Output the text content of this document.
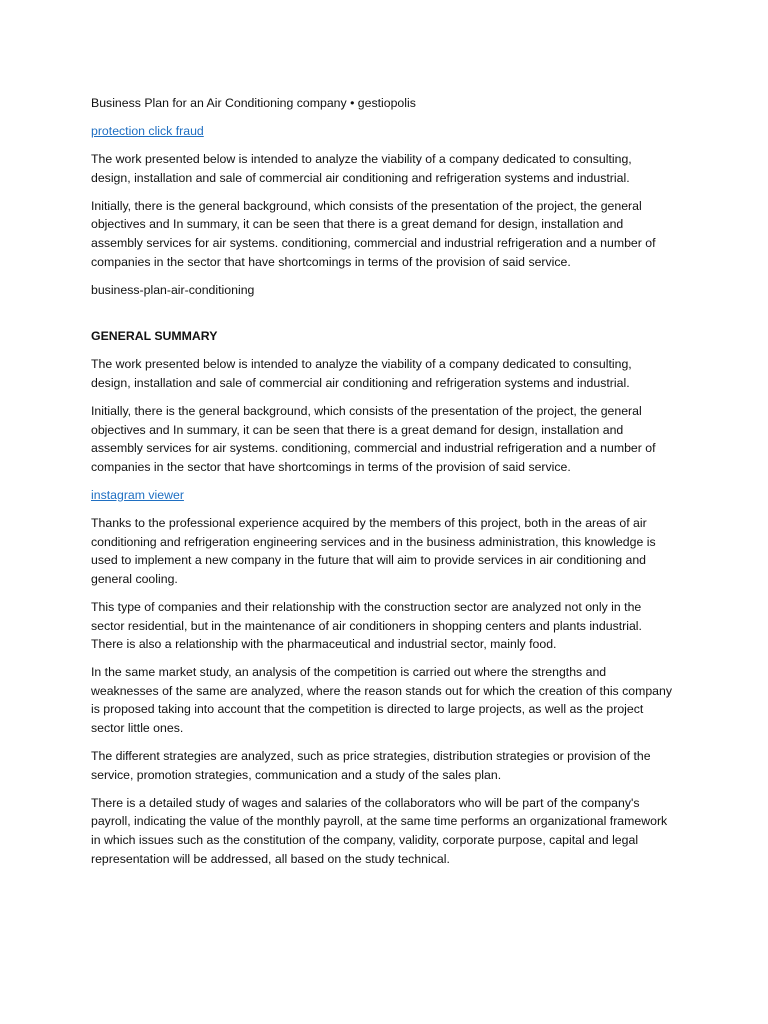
Business Plan for an Air Conditioning company • gestiopolis

protection click fraud

The work presented below is intended to analyze the viability of a company dedicated to consulting, design, installation and sale of commercial air conditioning and refrigeration systems and industrial.

Initially, there is the general background, which consists of the presentation of the project, the general objectives and In summary, it can be seen that there is a great demand for design, installation and assembly services for air systems. conditioning, commercial and industrial refrigeration and a number of companies in the sector that have shortcomings in terms of the provision of said service.

business-plan-air-conditioning

GENERAL SUMMARY

The work presented below is intended to analyze the viability of a company dedicated to consulting, design, installation and sale of commercial air conditioning and refrigeration systems and industrial.

Initially, there is the general background, which consists of the presentation of the project, the general objectives and In summary, it can be seen that there is a great demand for design, installation and assembly services for air systems. conditioning, commercial and industrial refrigeration and a number of companies in the sector that have shortcomings in terms of the provision of said service.

instagram viewer

Thanks to the professional experience acquired by the members of this project, both in the areas of air conditioning and refrigeration engineering services and in the business administration, this knowledge is used to implement a new company in the future that will aim to provide services in air conditioning and general cooling.

This type of companies and their relationship with the construction sector are analyzed not only in the sector residential, but in the maintenance of air conditioners in shopping centers and plants industrial. There is also a relationship with the pharmaceutical and industrial sector, mainly food.

In the same market study, an analysis of the competition is carried out where the strengths and weaknesses of the same are analyzed, where the reason stands out for which the creation of this company is proposed taking into account that the competition is directed to large projects, as well as the project sector little ones.

The different strategies are analyzed, such as price strategies, distribution strategies or provision of the service, promotion strategies, communication and a study of the sales plan.

There is a detailed study of wages and salaries of the collaborators who will be part of the company's payroll, indicating the value of the monthly payroll, at the same time performs an organizational framework in which issues such as the constitution of the company, validity, corporate purpose, capital and legal representation will be addressed, all based on the study technical.
